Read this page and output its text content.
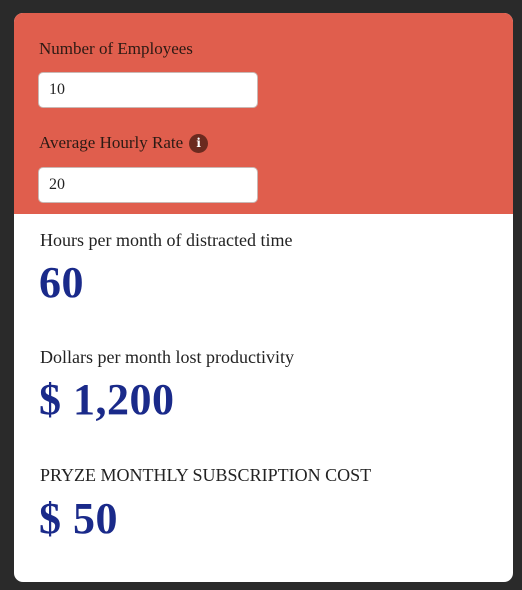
Number of Employees
10
Average Hourly Rate	i
20
Hours per month of distracted time
60
Dollars per month lost productivity
$ 1,200
PRYZE MONTHLY SUBSCRIPTION COST
$ 50
